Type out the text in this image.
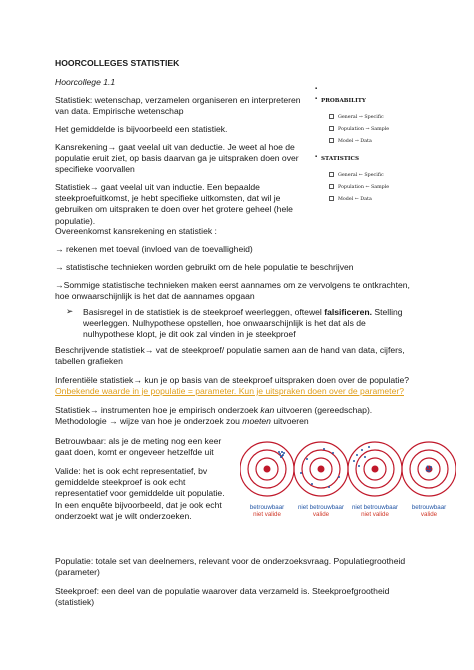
HOORCOLLEGES STATISTIEK

Hoorcollege 1.1

Statistiek: wetenschap, verzamelen organiseren en interpreteren van data. Empirische wetenschap

Het gemiddelde is bijvoorbeeld een statistiek.

Kansrekening→ gaat veelal uit van deductie. Je weet al hoe de populatie eruit ziet, op basis daarvan ga je uitspraken doen over specifieke voorvallen

Statistiek→ gaat veelal uit van inductie. Een bepaalde steekproefuitkomst, je hebt specifieke uitkomsten, dat wil je gebruiken om uitspraken te doen over het grotere geheel (hele populatie).

Overeenkomst kansrekening en statistiek :

→ rekenen met toeval (invloed van de toevalligheid)

→ statistische technieken worden gebruikt om de hele populatie te beschrijven

→Sommige statistische technieken maken eerst aannames om ze vervolgens te ontkrachten, hoe onwaarschijnlijk is het dat de aannames opgaan

➢ Basisregel in de statistiek is de steekproef weerleggen, oftewel falsificeren. Stelling weerleggen. Nulhypothese opstellen, hoe onwaarschijnlijk is het dat als de nulhypothese klopt, je dit ook zal vinden in je steekproef

Beschrijvende statistiek→ vat de steekproef/ populatie samen aan de hand van data, cijfers, tabellen grafieken

Inferentiële statistiek→ kun je op basis van de steekproef uitspraken doen over de populatie?

Onbekende waarde in je populatie = parameter. Kun je uitspraken doen over de parameter?

Statistiek→ instrumenten hoe je empirisch onderzoek kan uitvoeren (gereedschap). Methodologie → wijze van hoe je onderzoek zou moeten uitvoeren

Betrouwbaar: als je de meting nog een keer gaat doen, komt er ongeveer hetzelfde uit

Valide: het is ook echt representatief, bv gemiddelde steekproef is ook echt representatief voor gemiddelde uit populatie. In een enquête bijvoorbeeld, dat je ook echt onderzoekt wat je wilt onderzoeken.

Populatie: totale set van deelnemers, relevant voor de onderzoeksvraag. Populatiegrootheid (parameter)

Steekproef: een deel van de populatie waarover data verzameld is. Steekproefgrootheid (statistiek)

▪
▪ PROBABILITY
General → Specific
Population → Sample
Model → Data
▪ STATISTICS
General ← Specific
Population ← Sample
Model ← Data
betrouwbaar
niet valide
niet betrouwbaar
valide
niet betrouwbaar
niet valide
betrouwbaar
valide
